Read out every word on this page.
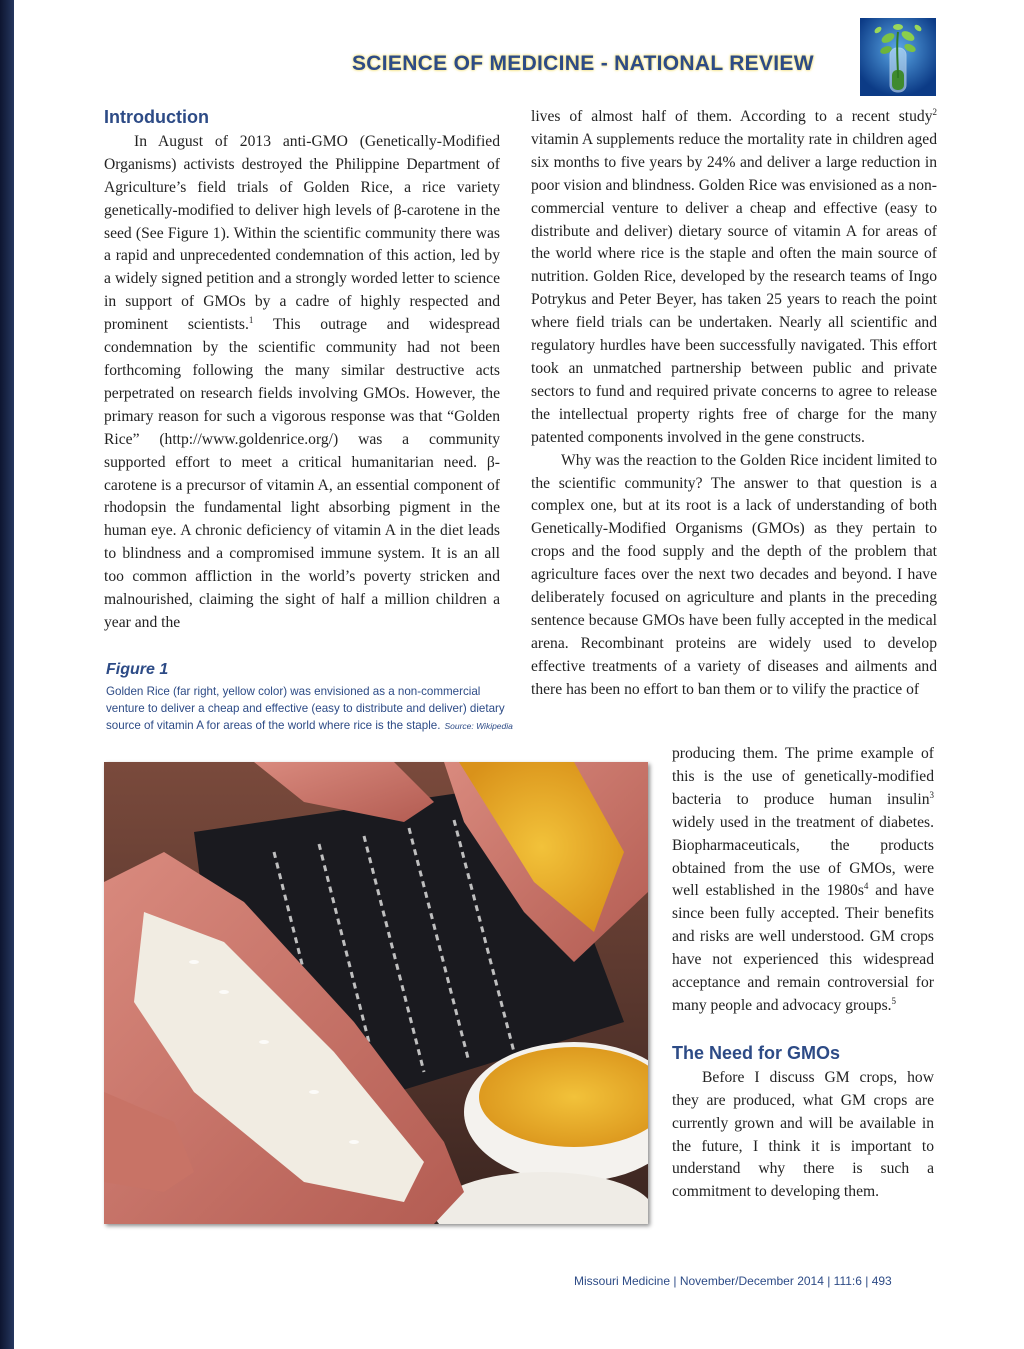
SCIENCE OF MEDICINE - NATIONAL REVIEW
Introduction

In August of 2013 anti-GMO (Genetically-Modified Organisms) activists destroyed the Philippine Department of Agriculture’s field trials of Golden Rice, a rice variety genetically-modified to deliver high levels of β-carotene in the seed (See Figure 1). Within the scientific community there was a rapid and unprecedented condemnation of this action, led by a widely signed petition and a strongly worded letter to science in support of GMOs by a cadre of highly respected and prominent scientists.$^1$ This outrage and widespread condemnation by the scientific community had not been forthcoming following the many similar destructive acts perpetrated on research fields involving GMOs. However, the primary reason for such a vigorous response was that “Golden Rice” (http://www.goldenrice.org/) was a community supported effort to meet a critical humanitarian need. β-carotene is a precursor of vitamin A, an essential component of rhodopsin the fundamental light absorbing pigment in the human eye. A chronic deficiency of vitamin A in the diet leads to blindness and a compromised immune system. It is an all too common affliction in the world’s poverty stricken and malnourished, claiming the sight of half a million children a year and the

Figure 1
Golden Rice (far right, yellow color) was envisioned as a non-commercial venture to deliver a cheap and effective (easy to distribute and deliver) dietary source of vitamin A for areas of the world where rice is the staple. Source: Wikipedia

lives of almost half of them. According to a recent study$^2$ vitamin A supplements reduce the mortality rate in children aged six months to five years by 24% and deliver a large reduction in poor vision and blindness. Golden Rice was envisioned as a non-commercial venture to deliver a cheap and effective (easy to distribute and deliver) dietary source of vitamin A for areas of the world where rice is the staple and often the main source of nutrition. Golden Rice, developed by the research teams of Ingo Potrykus and Peter Beyer, has taken 25 years to reach the point where field trials can be undertaken. Nearly all scientific and regulatory hurdles have been successfully navigated. This effort took an unmatched partnership between public and private sectors to fund and required private concerns to agree to release the intellectual property rights free of charge for the many patented components involved in the gene constructs.

Why was the reaction to the Golden Rice incident limited to the scientific community? The answer to that question is a complex one, but at its root is a lack of understanding of both Genetically-Modified Organisms (GMOs) as they pertain to crops and the food supply and the depth of the problem that agriculture faces over the next two decades and beyond. I have deliberately focused on agriculture and plants in the preceding sentence because GMOs have been fully accepted in the medical arena. Recombinant proteins are widely used to develop effective treatments of a variety of diseases and ailments and there has been no effort to ban them or to vilify the practice of

producing them. The prime example of this is the use of genetically-modified bacteria to produce human insulin$^3$ widely used in the treatment of diabetes. Biopharmaceuticals, the products obtained from the use of GMOs, were well established in the $1980s^4$ and have since been fully accepted. Their benefits and risks are well understood. GM crops have not experienced this widespread acceptance and remain controversial for many people and advocacy groups.$^5$

The Need for GMOs

Before I discuss GM crops, how they are produced, what GM crops are currently grown and will be available in the future, I think it is important to understand why there is such a commitment to developing them.

Missouri Medicine | November/December 2014 | 111:6 | 493
